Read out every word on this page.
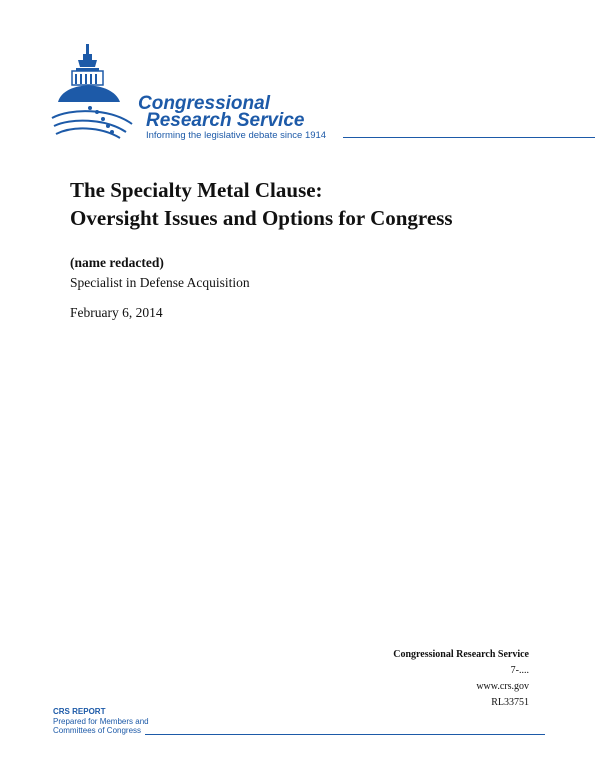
Congressional
Research Service
Informing the legislative debate since 1914
The Specialty Metal Clause:
Oversight Issues and Options for Congress
(name redacted)
Specialist in Defense Acquisition
February 6, 2014
Congressional Research Service
7-....
www.crs.gov
RL33751
CRS REPORT
Prepared for Members and
Committees of Congress
